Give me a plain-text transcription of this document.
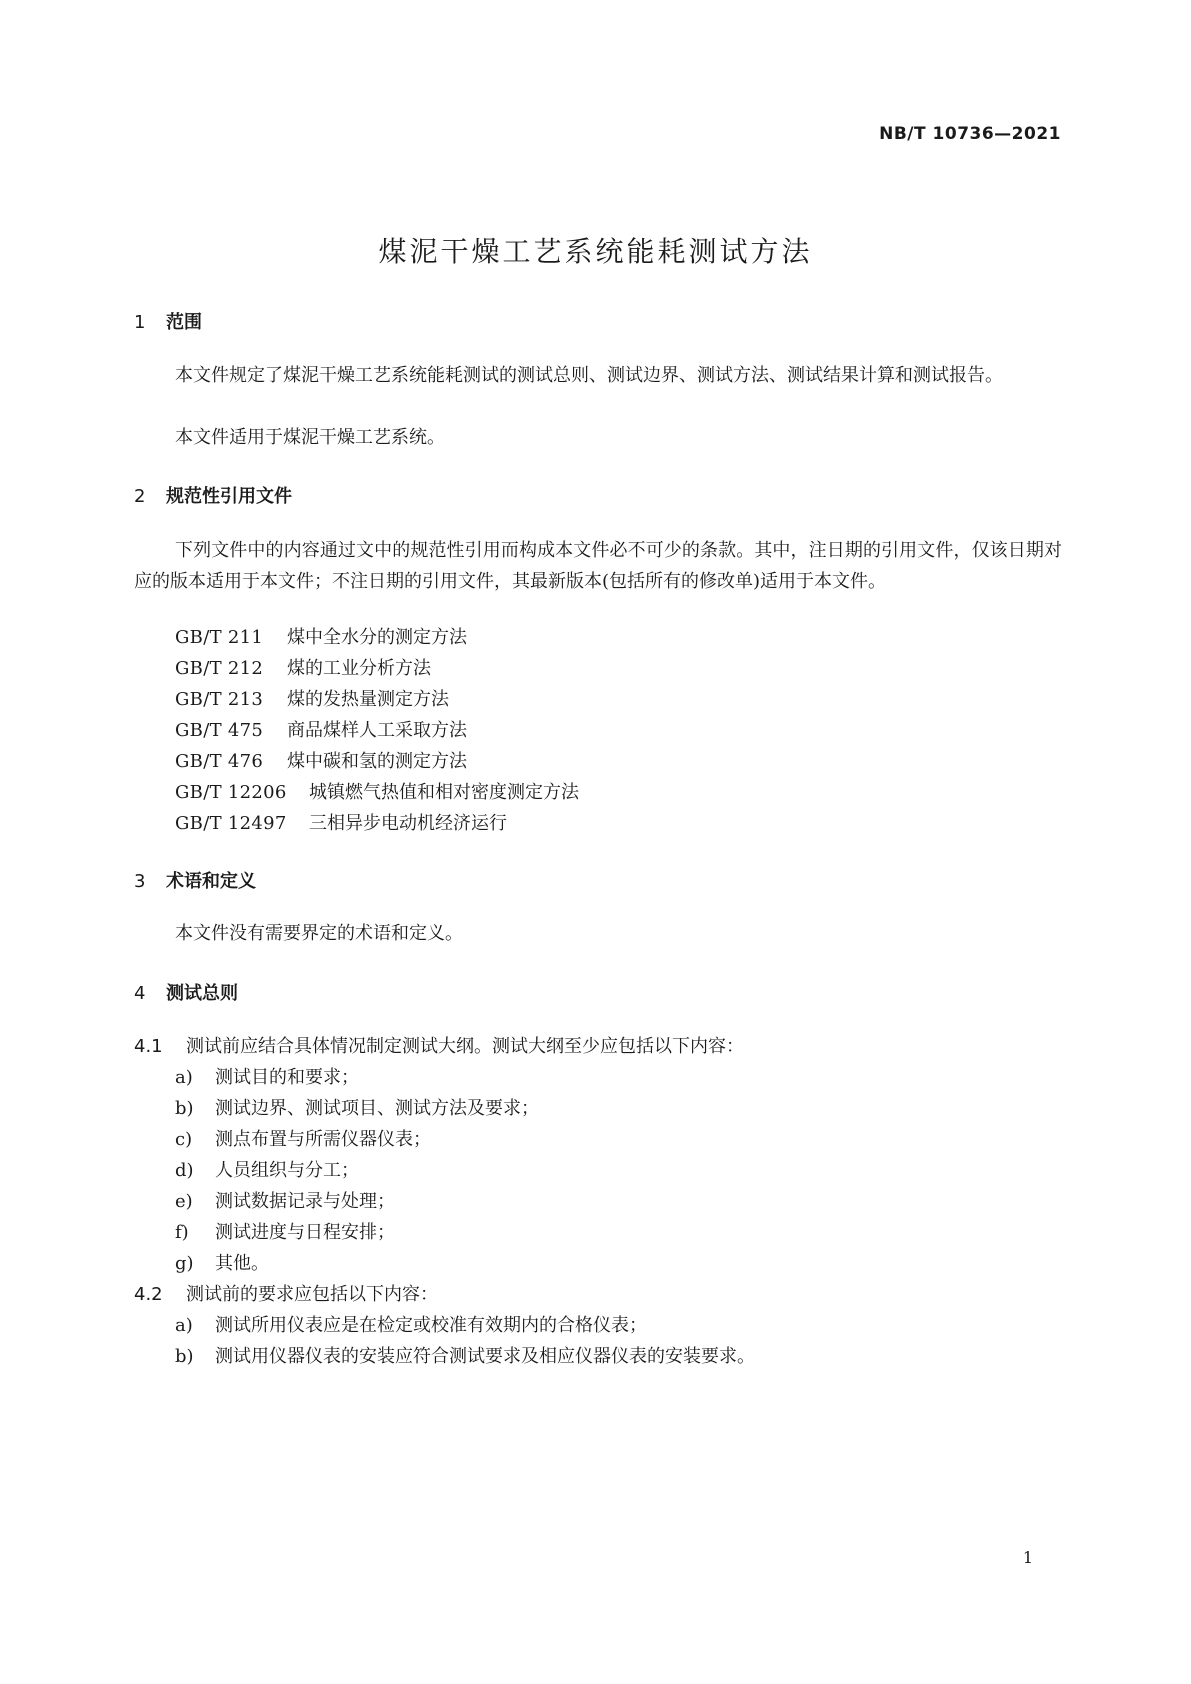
NB/T 10736—2021
煤泥干燥工艺系统能耗测试方法
1 范围
本文件规定了煤泥干燥工艺系统能耗测试的测试总则、测试边界、测试方法、测试结果计算和测试报告。
本文件适用于煤泥干燥工艺系统。
2 规范性引用文件
下列文件中的内容通过文中的规范性引用而构成本文件必不可少的条款。其中，注日期的引用文件，仅该日期对应的版本适用于本文件；不注日期的引用文件，其最新版本(包括所有的修改单)适用于本文件。
GB/T 211 煤中全水分的测定方法
GB/T 212 煤的工业分析方法
GB/T 213 煤的发热量测定方法
GB/T 475 商品煤样人工采取方法
GB/T 476 煤中碳和氢的测定方法
GB/T 12206 城镇燃气热值和相对密度测定方法
GB/T 12497 三相异步电动机经济运行
3 术语和定义
本文件没有需要界定的术语和定义。
4 测试总则
4.1 测试前应结合具体情况制定测试大纲。测试大纲至少应包括以下内容：
a) 测试目的和要求；
b) 测试边界、测试项目、测试方法及要求；
c) 测点布置与所需仪器仪表；
d) 人员组织与分工；
e) 测试数据记录与处理；
f) 测试进度与日程安排；
g) 其他。
4.2 测试前的要求应包括以下内容：
a) 测试所用仪表应是在检定或校准有效期内的合格仪表；
b) 测试用仪器仪表的安装应符合测试要求及相应仪器仪表的安装要求。
1
